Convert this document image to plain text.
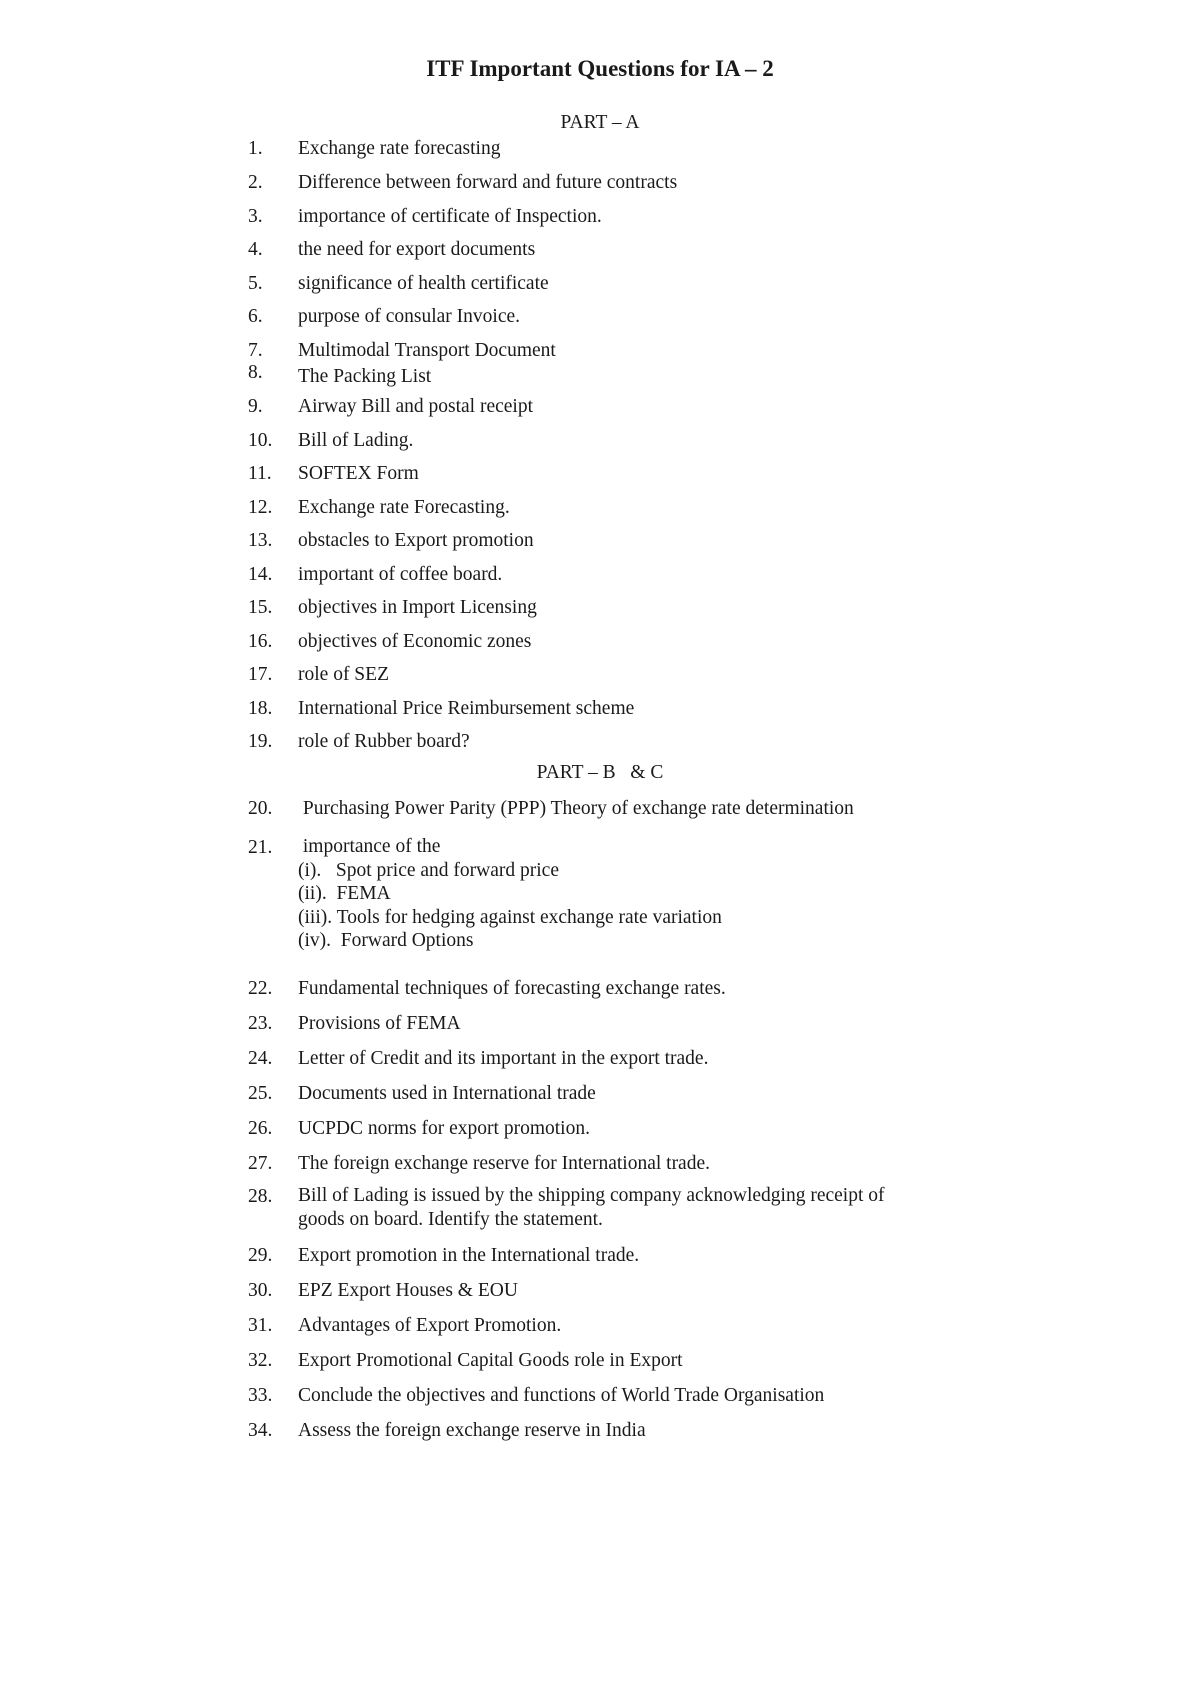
ITF Important Questions for IA – 2
PART – A
1. Exchange rate forecasting
2. Difference between forward and future contracts
3. importance of certificate of Inspection.
4. the need for export documents
5. significance of health certificate
6. purpose of consular Invoice.
7. Multimodal Transport Document
8. The Packing List
9. Airway Bill and postal receipt
10. Bill of Lading.
11. SOFTEX Form
12. Exchange rate Forecasting.
13. obstacles to Export promotion
14. important of coffee board.
15. objectives in Import Licensing
16. objectives of Economic zones
17. role of SEZ
18. International Price Reimbursement scheme
19. role of Rubber board?
PART – B   & C
20. Purchasing Power Parity (PPP) Theory of exchange rate determination
21. importance of the
(i).   Spot price and forward price
(ii).  FEMA
(iii). Tools for hedging against exchange rate variation
(iv).  Forward Options
22. Fundamental techniques of forecasting exchange rates.
23. Provisions of FEMA
24. Letter of Credit and its important in the export trade.
25. Documents used in International trade
26. UCPDC norms for export promotion.
27. The foreign exchange reserve for International trade.
28. Bill of Lading is issued by the shipping company acknowledging receipt of
goods on board. Identify the statement.
29. Export promotion in the International trade.
30. EPZ Export Houses & EOU
31. Advantages of Export Promotion.
32. Export Promotional Capital Goods role in Export
33. Conclude the objectives and functions of World Trade Organisation
34. Assess the foreign exchange reserve in India
